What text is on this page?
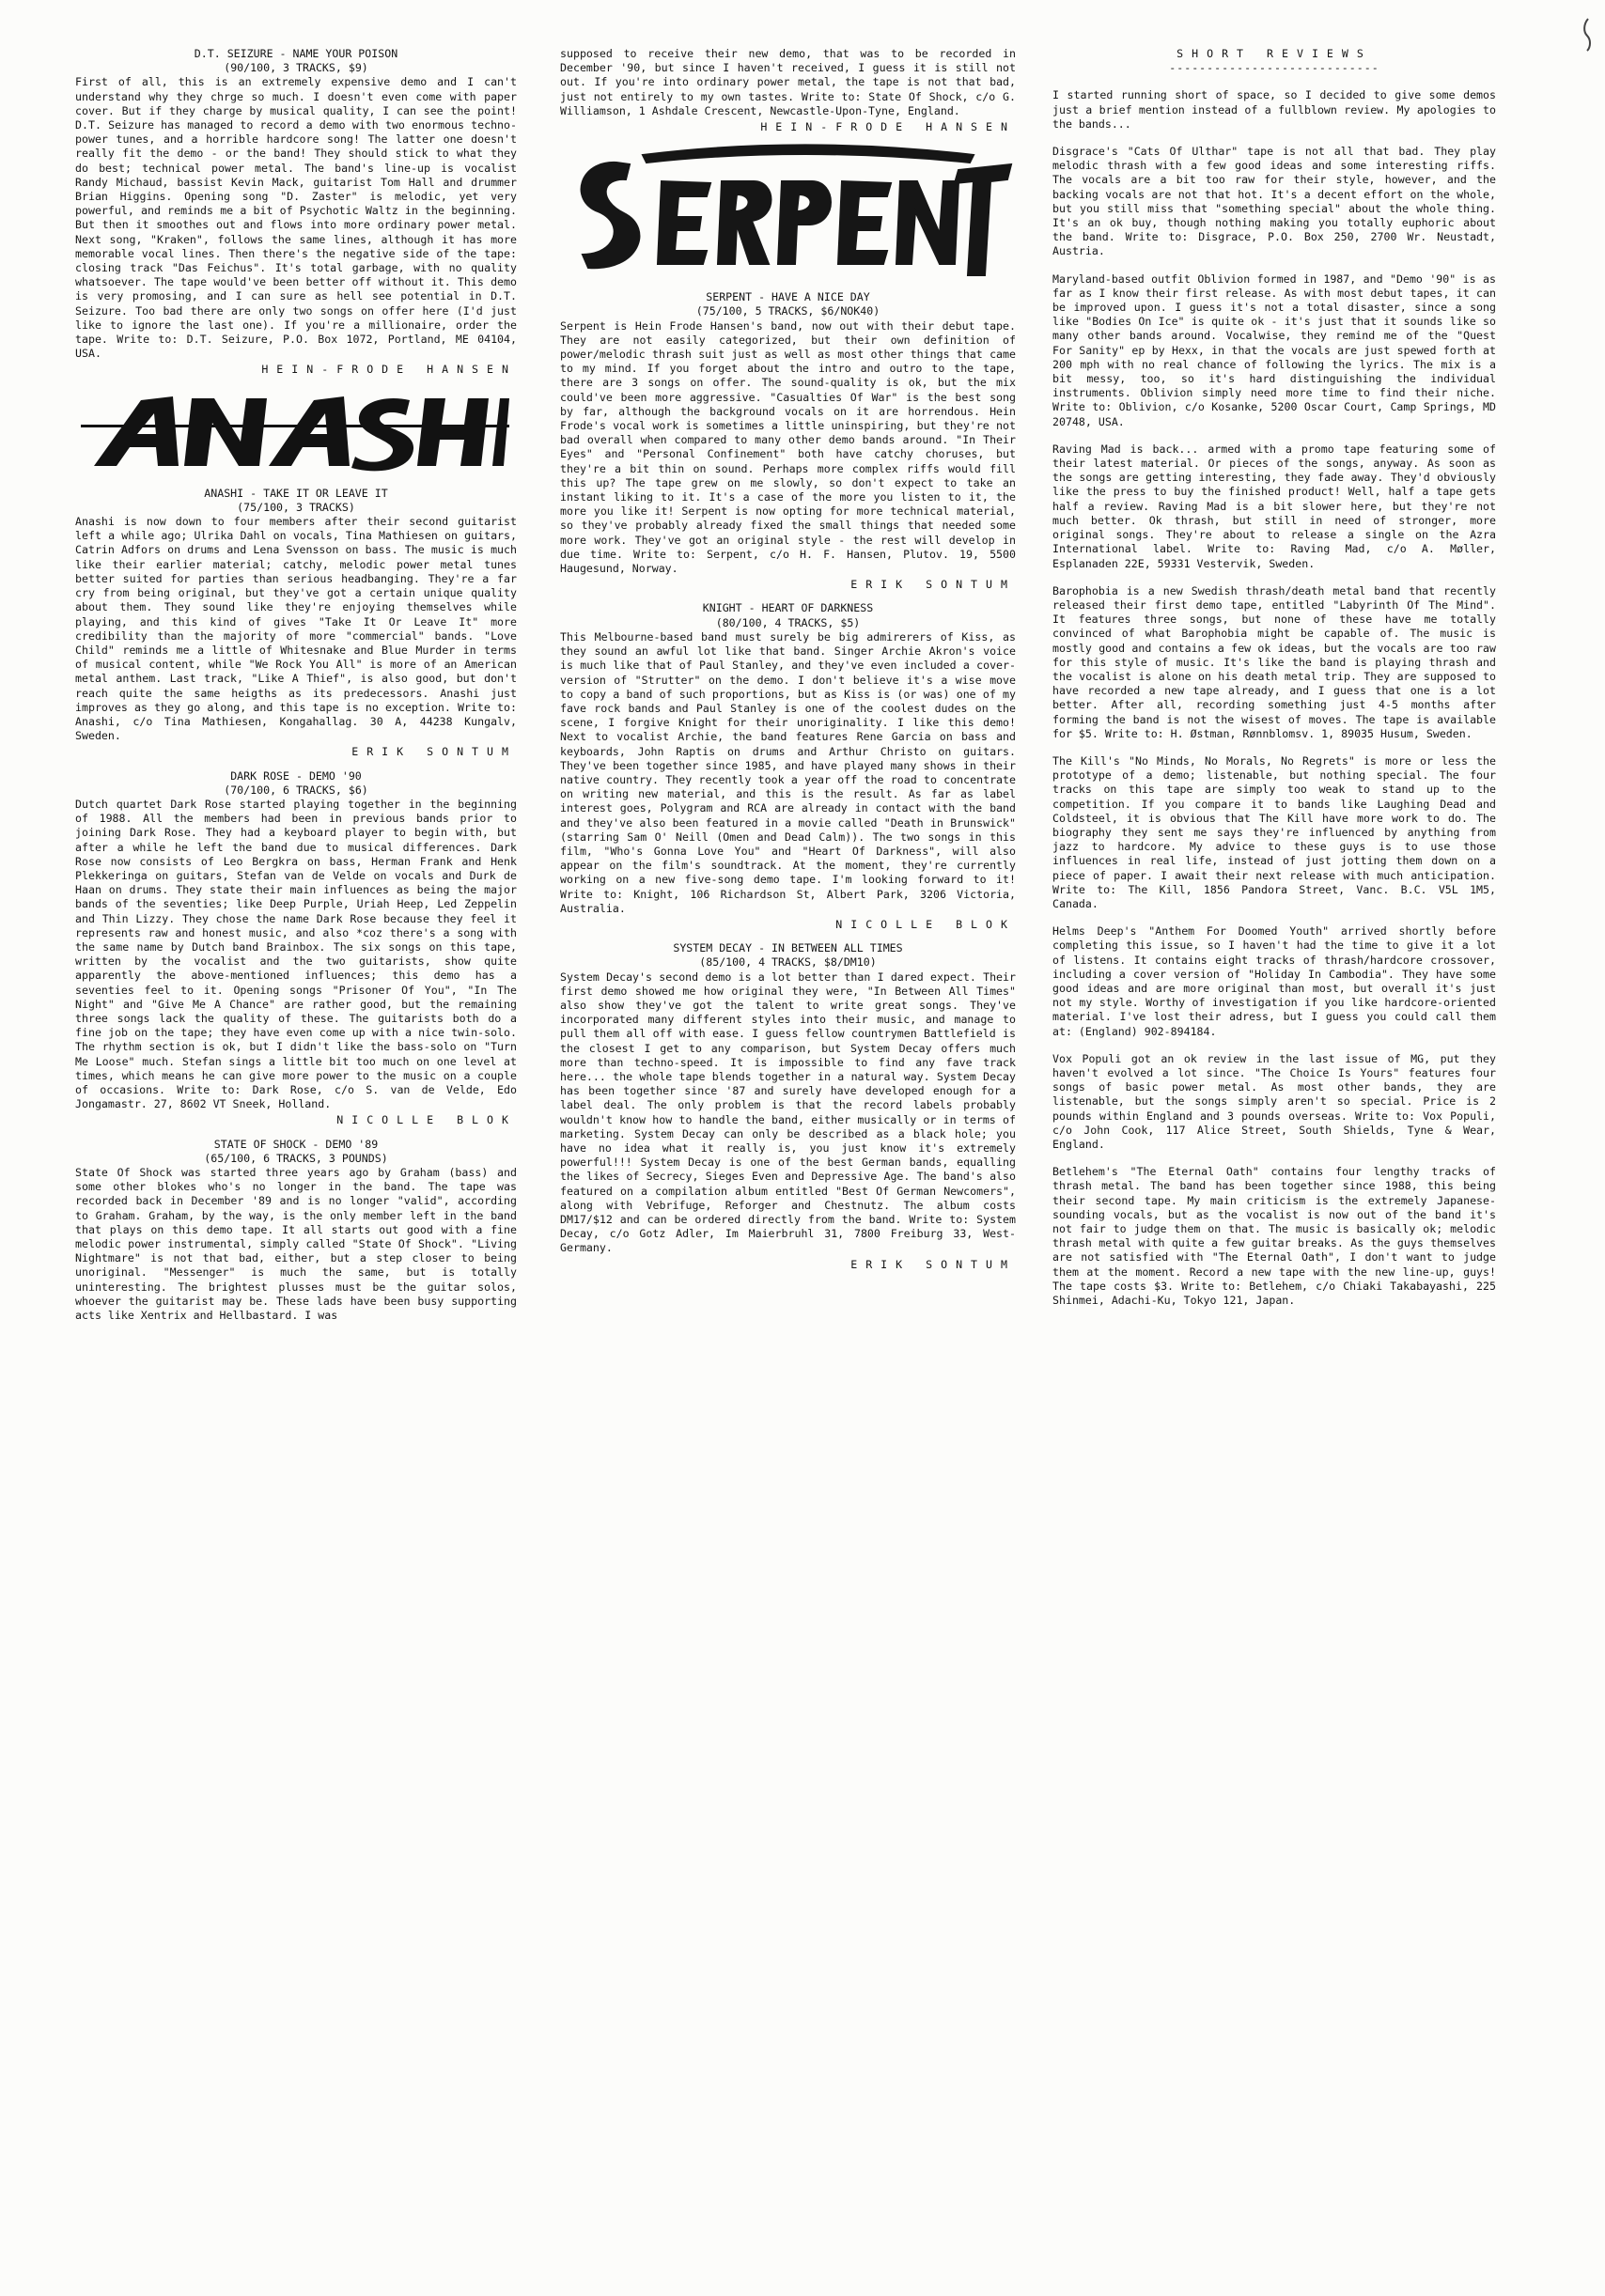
D.T. SEIZURE - NAME YOUR POISON

(90/100, 3 TRACKS, $9)

First of all, this is an extremely expensive demo and I can't understand why they chrge so much. I doesn't even come with paper cover. But if they charge by musical quality, I can see the point! D.T. Seizure has managed to record a demo with two enormous techno-power tunes, and a horrible hardcore song! The latter one doesn't really fit the demo - or the band! They should stick to what they do best; technical power metal. The band's line-up is vocalist Randy Michaud, bassist Kevin Mack, guitarist Tom Hall and drummer Brian Higgins. Opening song "D. Zaster" is melodic, yet very powerful, and reminds me a bit of Psychotic Waltz in the beginning. But then it smoothes out and flows into more ordinary power metal. Next song, "Kraken", follows the same lines, although it has more memorable vocal lines. Then there's the negative side of the tape: closing track "Das Feichus". It's total garbage, with no quality whatsoever. The tape would've been better off without it. This demo is very promosing, and I can sure as hell see potential in D.T. Seizure. Too bad there are only two songs on offer here (I'd just like to ignore the last one). If you're a millionaire, order the tape. Write to: D.T. Seizure, P.O. Box 1072, Portland, ME 04104, USA.

HEIN-FRODE HANSEN

ANASHI - TAKE IT OR LEAVE IT

(75/100, 3 TRACKS)

Anashi is now down to four members after their second guitarist left a while ago; Ulrika Dahl on vocals, Tina Mathiesen on guitars, Catrin Adfors on drums and Lena Svensson on bass. The music is much like their earlier material; catchy, melodic power metal tunes better suited for parties than serious headbanging. They're a far cry from being original, but they've got a certain unique quality about them. They sound like they're enjoying themselves while playing, and this kind of gives "Take It Or Leave It" more credibility than the majority of more "commercial" bands. "Love Child" reminds me a little of Whitesnake and Blue Murder in terms of musical content, while "We Rock You All" is more of an American metal anthem. Last track, "Like A Thief", is also good, but don't reach quite the same heigths as its predecessors. Anashi just improves as they go along, and this tape is no exception. Write to: Anashi, c/o Tina Mathiesen, Kongahallag. 30 A, 44238 Kungalv, Sweden.

ERIK SONTUM

DARK ROSE - DEMO '90

(70/100, 6 TRACKS, $6)

Dutch quartet Dark Rose started playing together in the beginning of 1988. All the members had been in previous bands prior to joining Dark Rose. They had a keyboard player to begin with, but after a while he left the band due to musical differences. Dark Rose now consists of Leo Bergkra on bass, Herman Frank and Henk Plekkeringa on guitars, Stefan van de Velde on vocals and Durk de Haan on drums. They state their main influences as being the major bands of the seventies; like Deep Purple, Uriah Heep, Led Zeppelin and Thin Lizzy. They chose the name Dark Rose because they feel it represents raw and honest music, and also *coz there's a song with the same name by Dutch band Brainbox. The six songs on this tape, written by the vocalist and the two guitarists, show quite apparently the above-mentioned influences; this demo has a seventies feel to it. Opening songs "Prisoner Of You", "In The Night" and "Give Me A Chance" are rather good, but the remaining three songs lack the quality of these. The guitarists both do a fine job on the tape; they have even come up with a nice twin-solo. The rhythm section is ok, but I didn't like the bass-solo on "Turn Me Loose" much. Stefan sings a little bit too much on one level at times, which means he can give more power to the music on a couple of occasions. Write to: Dark Rose, c/o S. van de Velde, Edo Jongamastr. 27, 8602 VT Sneek, Holland.

NICOLLE BLOK

STATE OF SHOCK - DEMO '89

(65/100, 6 TRACKS, 3 POUNDS)

State Of Shock was started three years ago by Graham (bass) and some other blokes who's no longer in the band. The tape was recorded back in December '89 and is no longer "valid", according to Graham. Graham, by the way, is the only member left in the band that plays on this demo tape. It all starts out good with a fine melodic power instrumental, simply called "State Of Shock". "Living Nightmare" is not that bad, either, but a step closer to being unoriginal. "Messenger" is much the same, but is totally uninteresting. The brightest plusses must be the guitar solos, whoever the guitarist may be. These lads have been busy supporting acts like Xentrix and Hellbastard. I was

supposed to receive their new demo, that was to be recorded in December '90, but since I haven't received, I guess it is still not out. If you're into ordinary power metal, the tape is not that bad, just not entirely to my own tastes. Write to: State Of Shock, c/o G. Williamson, 1 Ashdale Crescent, Newcastle-Upon-Tyne, England.

HEIN-FRODE HANSEN

SERPENT - HAVE A NICE DAY

(75/100, 5 TRACKS, $6/NOK40)

Serpent is Hein Frode Hansen's band, now out with their debut tape. They are not easily categorized, but their own definition of power/melodic thrash suit just as well as most other things that came to my mind. If you forget about the intro and outro to the tape, there are 3 songs on offer. The sound-quality is ok, but the mix could've been more aggressive. "Casualties Of War" is the best song by far, although the background vocals on it are horrendous. Hein Frode's vocal work is sometimes a little uninspiring, but they're not bad overall when compared to many other demo bands around. "In Their Eyes" and "Personal Confinement" both have catchy choruses, but they're a bit thin on sound. Perhaps more complex riffs would fill this up? The tape grew on me slowly, so don't expect to take an instant liking to it. It's a case of the more you listen to it, the more you like it! Serpent is now opting for more technical material, so they've probably already fixed the small things that needed some more work. They've got an original style - the rest will develop in due time. Write to: Serpent, c/o H. F. Hansen, Plutov. 19, 5500 Haugesund, Norway.

ERIK SONTUM

KNIGHT - HEART OF DARKNESS

(80/100, 4 TRACKS, $5)

This Melbourne-based band must surely be big admirerers of Kiss, as they sound an awful lot like that band. Singer Archie Akron's voice is much like that of Paul Stanley, and they've even included a cover-version of "Strutter" on the demo. I don't believe it's a wise move to copy a band of such proportions, but as Kiss is (or was) one of my fave rock bands and Paul Stanley is one of the coolest dudes on the scene, I forgive Knight for their unoriginality. I like this demo! Next to vocalist Archie, the band features Rene Garcia on bass and keyboards, John Raptis on drums and Arthur Christo on guitars. They've been together since 1985, and have played many shows in their native country. They recently took a year off the road to concentrate on writing new material, and this is the result. As far as label interest goes, Polygram and RCA are already in contact with the band and they've also been featured in a movie called "Death in Brunswick" (starring Sam O' Neill (Omen and Dead Calm)). The two songs in this film, "Who's Gonna Love You" and "Heart Of Darkness", will also appear on the film's soundtrack. At the moment, they're currently working on a new five-song demo tape. I'm looking forward to it! Write to: Knight, 106 Richardson St, Albert Park, 3206 Victoria, Australia.

NICOLLE BLOK

SYSTEM DECAY - IN BETWEEN ALL TIMES

(85/100, 4 TRACKS, $8/DM10)

System Decay's second demo is a lot better than I dared expect. Their first demo showed me how original they were, "In Between All Times" also show they've got the talent to write great songs. They've incorporated many different styles into their music, and manage to pull them all off with ease. I guess fellow countrymen Battlefield is the closest I get to any comparison, but System Decay offers much more than techno-speed. It is impossible to find any fave track here... the whole tape blends together in a natural way. System Decay has been together since '87 and surely have developed enough for a label deal. The only problem is that the record labels probably wouldn't know how to handle the band, either musically or in terms of marketing. System Decay can only be described as a black hole; you have no idea what it really is, you just know it's extremely powerful!!! System Decay is one of the best German bands, equalling the likes of Secrecy, Sieges Even and Depressive Age. The band's also featured on a compilation album entitled "Best Of German Newcomers", along with Vebrifuge, Reforger and Chestnutz. The album costs DM17/$12 and can be ordered directly from the band. Write to: System Decay, c/o Gotz Adler, Im Maierbruhl 31, 7800 Freiburg 33, West-Germany.

ERIK SONTUM

SHORT REVIEWS

----------------------------

I started running short of space, so I decided to give some demos just a brief mention instead of a fullblown review. My apologies to the bands...

Disgrace's "Cats Of Ulthar" tape is not all that bad. They play melodic thrash with a few good ideas and some interesting riffs. The vocals are a bit too raw for their style, however, and the backing vocals are not that hot. It's a decent effort on the whole, but you still miss that "something special" about the whole thing. It's an ok buy, though nothing making you totally euphoric about the band. Write to: Disgrace, P.O. Box 250, 2700 Wr. Neustadt, Austria.

Maryland-based outfit Oblivion formed in 1987, and "Demo '90" is as far as I know their first release. As with most debut tapes, it can be improved upon. I guess it's not a total disaster, since a song like "Bodies On Ice" is quite ok - it's just that it sounds like so many other bands around. Vocalwise, they remind me of the "Quest For Sanity" ep by Hexx, in that the vocals are just spewed forth at 200 mph with no real chance of following the lyrics. The mix is a bit messy, too, so it's hard distinguishing the individual instruments. Oblivion simply need more time to find their niche. Write to: Oblivion, c/o Kosanke, 5200 Oscar Court, Camp Springs, MD 20748, USA.

Raving Mad is back... armed with a promo tape featuring some of their latest material. Or pieces of the songs, anyway. As soon as the songs are getting interesting, they fade away. They'd obviously like the press to buy the finished product! Well, half a tape gets half a review. Raving Mad is a bit slower here, but they're not much better. Ok thrash, but still in need of stronger, more original songs. They're about to release a single on the Azra International label. Write to: Raving Mad, c/o A. Møller, Esplanaden 22E, 59331 Vestervik, Sweden.

Barophobia is a new Swedish thrash/death metal band that recently released their first demo tape, entitled "Labyrinth Of The Mind". It features three songs, but none of these have me totally convinced of what Barophobia might be capable of. The music is mostly good and contains a few ok ideas, but the vocals are too raw for this style of music. It's like the band is playing thrash and the vocalist is alone on his death metal trip. They are supposed to have recorded a new tape already, and I guess that one is a lot better. After all, recording something just 4-5 months after forming the band is not the wisest of moves. The tape is available for $5. Write to: H. Østman, Rønnblomsv. 1, 89035 Husum, Sweden.

The Kill's "No Minds, No Morals, No Regrets" is more or less the prototype of a demo; listenable, but nothing special. The four tracks on this tape are simply too weak to stand up to the competition. If you compare it to bands like Laughing Dead and Coldsteel, it is obvious that The Kill have more work to do. The biography they sent me says they're influenced by anything from jazz to hardcore. My advice to these guys is to use those influences in real life, instead of just jotting them down on a piece of paper. I await their next release with much anticipation. Write to: The Kill, 1856 Pandora Street, Vanc. B.C. V5L 1M5, Canada.

Helms Deep's "Anthem For Doomed Youth" arrived shortly before completing this issue, so I haven't had the time to give it a lot of listens. It contains eight tracks of thrash/hardcore crossover, including a cover version of "Holiday In Cambodia". They have some good ideas and are more original than most, but overall it's just not my style. Worthy of investigation if you like hardcore-oriented material. I've lost their adress, but I guess you could call them at: (England) 902-894184.

Vox Populi got an ok review in the last issue of MG, put they haven't evolved a lot since. "The Choice Is Yours" features four songs of basic power metal. As most other bands, they are listenable, but the songs simply aren't so special. Price is 2 pounds within England and 3 pounds overseas. Write to: Vox Populi, c/o John Cook, 117 Alice Street, South Shields, Tyne & Wear, England.

Betlehem's "The Eternal Oath" contains four lengthy tracks of thrash metal. The band has been together since 1988, this being their second tape. My main criticism is the extremely Japanese-sounding vocals, but as the vocalist is now out of the band it's not fair to judge them on that. The music is basically ok; melodic thrash metal with quite a few guitar breaks. As the guys themselves are not satisfied with "The Eternal Oath", I don't want to judge them at the moment. Record a new tape with the new line-up, guys! The tape costs $3. Write to: Betlehem, c/o Chiaki Takabayashi, 225 Shinmei, Adachi-Ku, Tokyo 121, Japan.
